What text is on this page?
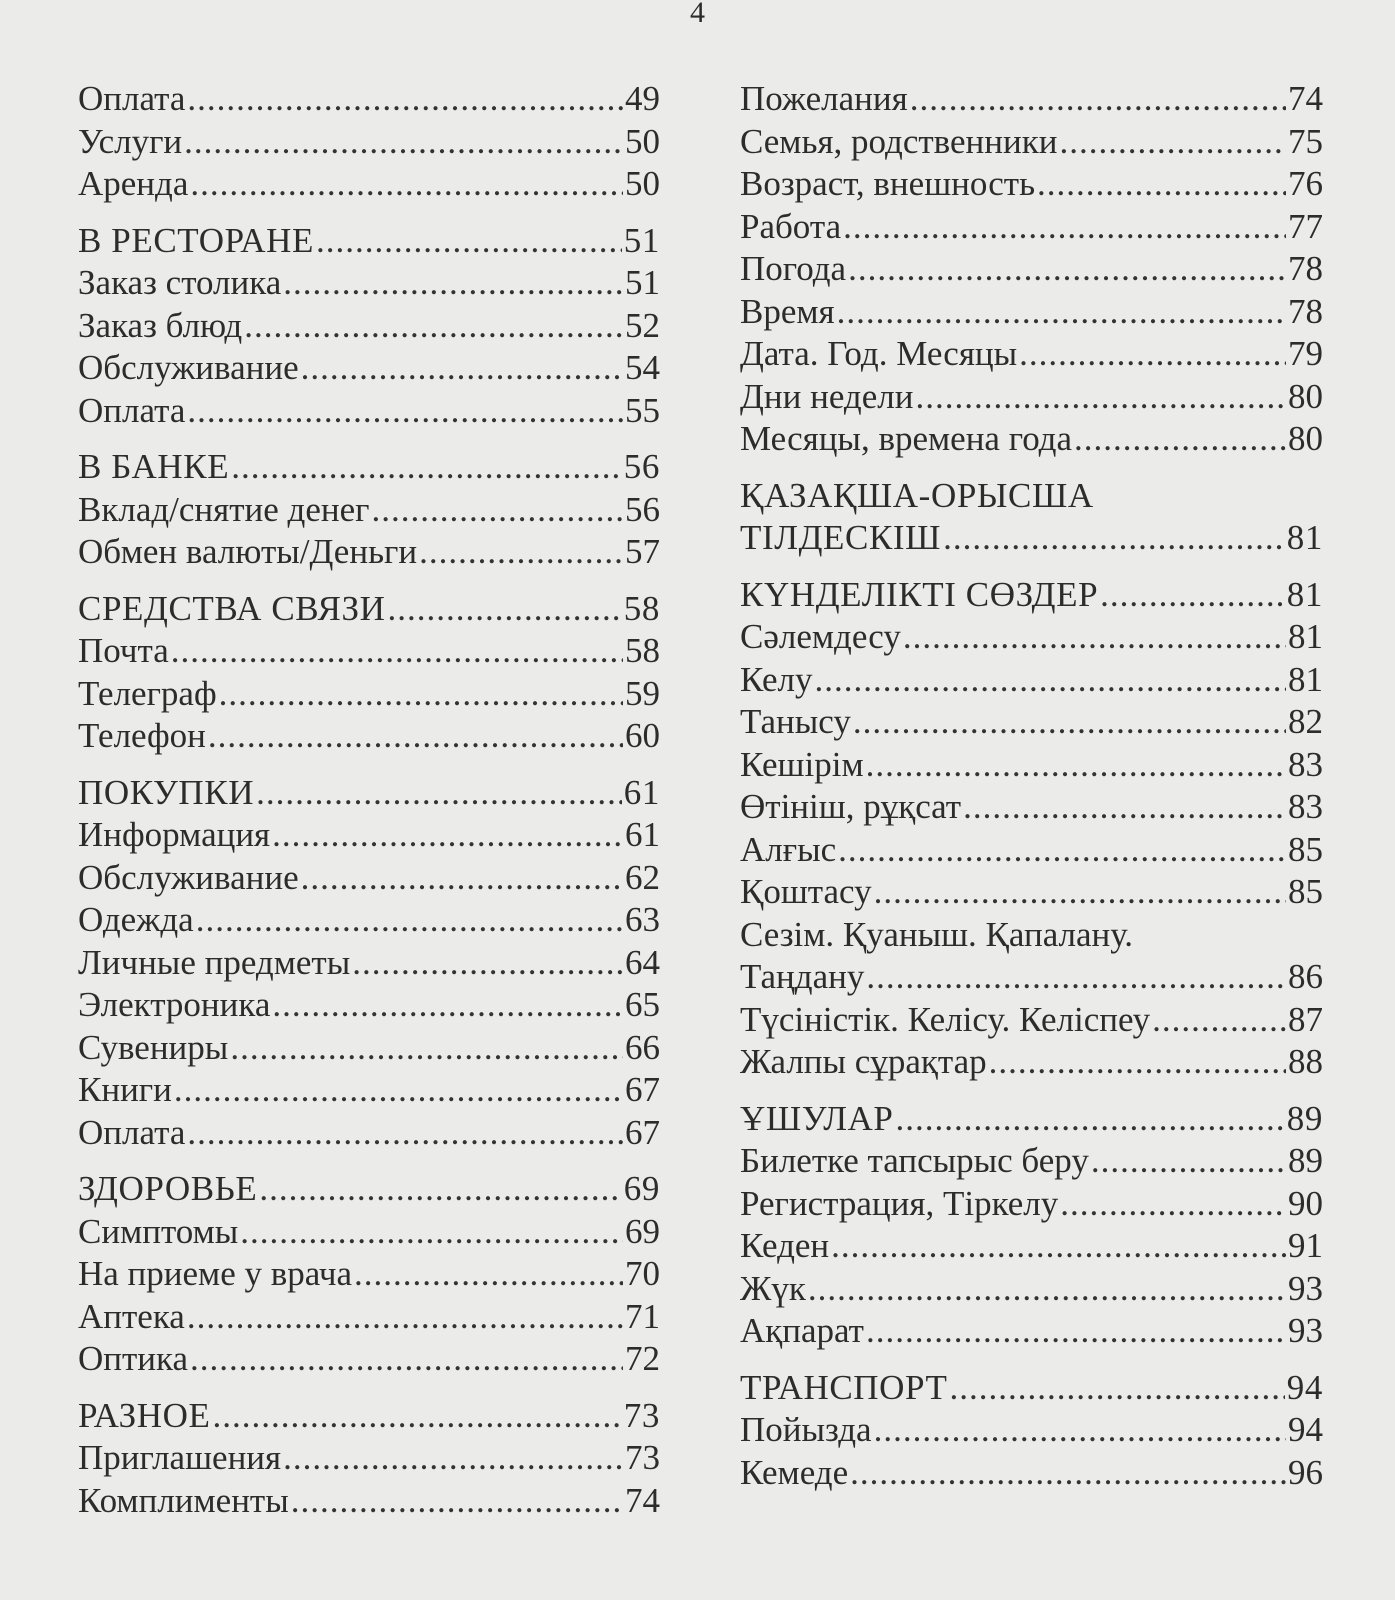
4
Оплата .....	49
Услуги .....	50
Аренда .....	50
В РЕСТОРАНЕ .....	51
Заказ столика .....	51
Заказ блюд .....	52
Обслуживание .....	54
Оплата .....	55
В БАНКЕ .....	56
Вклад/снятие денег .....	56
Обмен валюты/Деньги .....	57
СРЕДСТВА СВЯЗИ .....	58
Почта .....	58
Телеграф .....	59
Телефон .....	60
ПОКУПКИ .....	61
Информация .....	61
Обслуживание .....	62
Одежда .....	63
Личные предметы .....	64
Электроника .....	65
Сувениры .....	66
Книги .....	67
Оплата .....	67
ЗДОРОВЬЕ .....	69
Симптомы .....	69
На приеме у врача .....	70
Аптека .....	71
Оптика .....	72
РАЗНОЕ .....	73
Приглашения .....	73
Комплименты .....	74
Пожелания .....	74
Семья, родственники .....	75
Возраст, внешность .....	76
Работа .....	77
Погода .....	78
Время .....	78
Дата. Год. Месяцы .....	79
Дни недели .....	80
Месяцы, времена года .....	80
ҚАЗАҚША-ОРЫСША
ТІЛДЕСКІШ .....	81
КҮНДЕЛІКТІ СӨЗДЕР .....	81
Сәлемдесу .....	81
Келу .....	81
Танысу .....	82
Кешірім .....	83
Өтініш, рұқсат .....	83
Алғыс .....	85
Қоштасу .....	85
Сезім. Қуаныш. Қапалану.
Таңдану .....	86
Түсіністік. Келісу. Келіспеу .....	87
Жалпы сұрақтар .....	88
ҰШУЛАР .....	89
Билетке тапсырыс беру .....	89
Регистрация, Тіркелу .....	90
Кеден .....	91
Жүк .....	93
Ақпарат .....	93
ТРАНСПОРТ .....	94
Пойызда .....	94
Кемеде .....	96
